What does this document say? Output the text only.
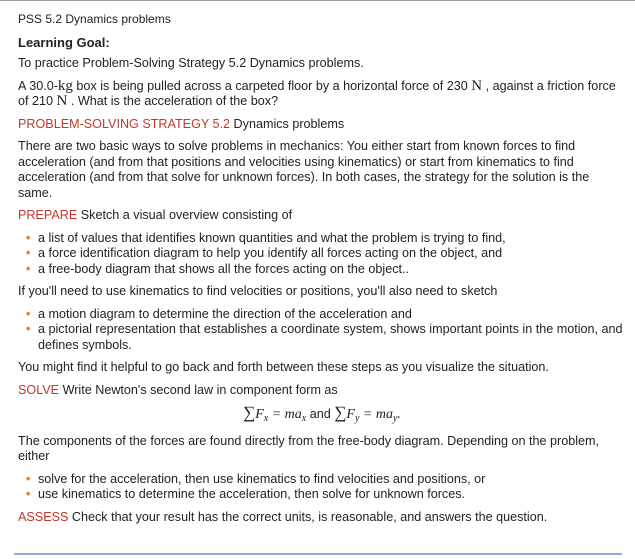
PSS 5.2 Dynamics problems
Learning Goal:

To practice Problem-Solving Strategy 5.2 Dynamics problems.

A 30.0-kg box is being pulled across a carpeted floor by a horizontal force of 230 N , against a friction force of 210 N . What is the acceleration of the box?

PROBLEM-SOLVING STRATEGY 5.2 Dynamics problems

There are two basic ways to solve problems in mechanics: You either start from known forces to find acceleration (and from that positions and velocities using kinematics) or start from kinematics to find acceleration (and from that solve for unknown forces). In both cases, the strategy for the solution is the same.

PREPARE Sketch a visual overview consisting of

• a list of values that identifies known quantities and what the problem is trying to find,
• a force identification diagram to help you identify all forces acting on the object, and
• a free-body diagram that shows all the forces acting on the object..

If you'll need to use kinematics to find velocities or positions, you'll also need to sketch

• a motion diagram to determine the direction of the acceleration and
• a pictorial representation that establishes a coordinate system, shows important points in the motion, and defines symbols.

You might find it helpful to go back and forth between these steps as you visualize the situation.

SOLVE Write Newton's second law in component form as

$\sum F_x = ma_x$ and $\sum F_y = ma_y$.

The components of the forces are found directly from the free-body diagram. Depending on the problem, either

• solve for the acceleration, then use kinematics to find velocities and positions, or
• use kinematics to determine the acceleration, then solve for unknown forces.

ASSESS Check that your result has the correct units, is reasonable, and answers the question.
